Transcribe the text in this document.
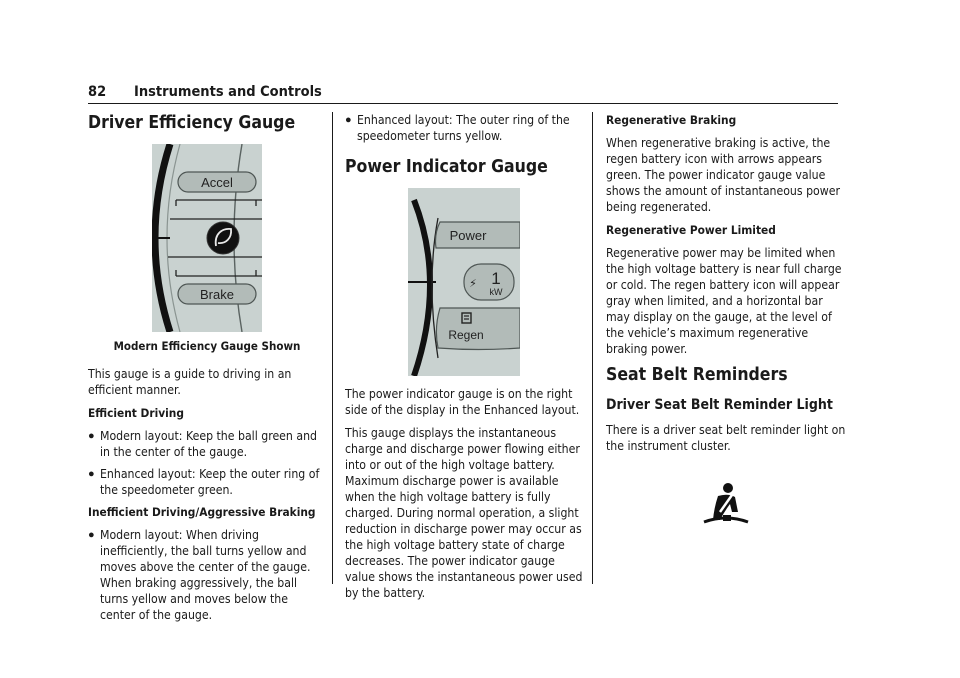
82 Instruments and Controls
Driver Efficiency Gauge
Accel
Brake

Modern Efficiency Gauge Shown

This gauge is a guide to driving in an efficient manner.

Efficient Driving

● Modern layout: Keep the ball green and in the center of the gauge.
● Enhanced layout: Keep the outer ring of the speedometer green.

Inefficient Driving/Aggressive Braking

● Modern layout: When driving inefficiently, the ball turns yellow and moves above the center of the gauge. When braking aggressively, the ball turns yellow and moves below the center of the gauge.
● Enhanced layout: The outer ring of the speedometer turns yellow.
Power Indicator Gauge
Power
⚡ 1
kW
Regen

The power indicator gauge is on the right side of the display in the Enhanced layout.

This gauge displays the instantaneous charge and discharge power flowing either into or out of the high voltage battery. Maximum discharge power is available when the high voltage battery is fully charged. During normal operation, a slight reduction in discharge power may occur as the high voltage battery state of charge decreases. The power indicator gauge value shows the instantaneous power used by the battery.

Regenerative Braking

When regenerative braking is active, the regen battery icon with arrows appears green. The power indicator gauge value shows the amount of instantaneous power being regenerated.

Regenerative Power Limited

Regenerative power may be limited when the high voltage battery is near full charge or cold. The regen battery icon will appear gray when limited, and a horizontal bar may display on the gauge, at the level of the vehicle’s maximum regenerative braking power.

Seat Belt Reminders
Driver Seat Belt Reminder Light

There is a driver seat belt reminder light on the instrument cluster.
